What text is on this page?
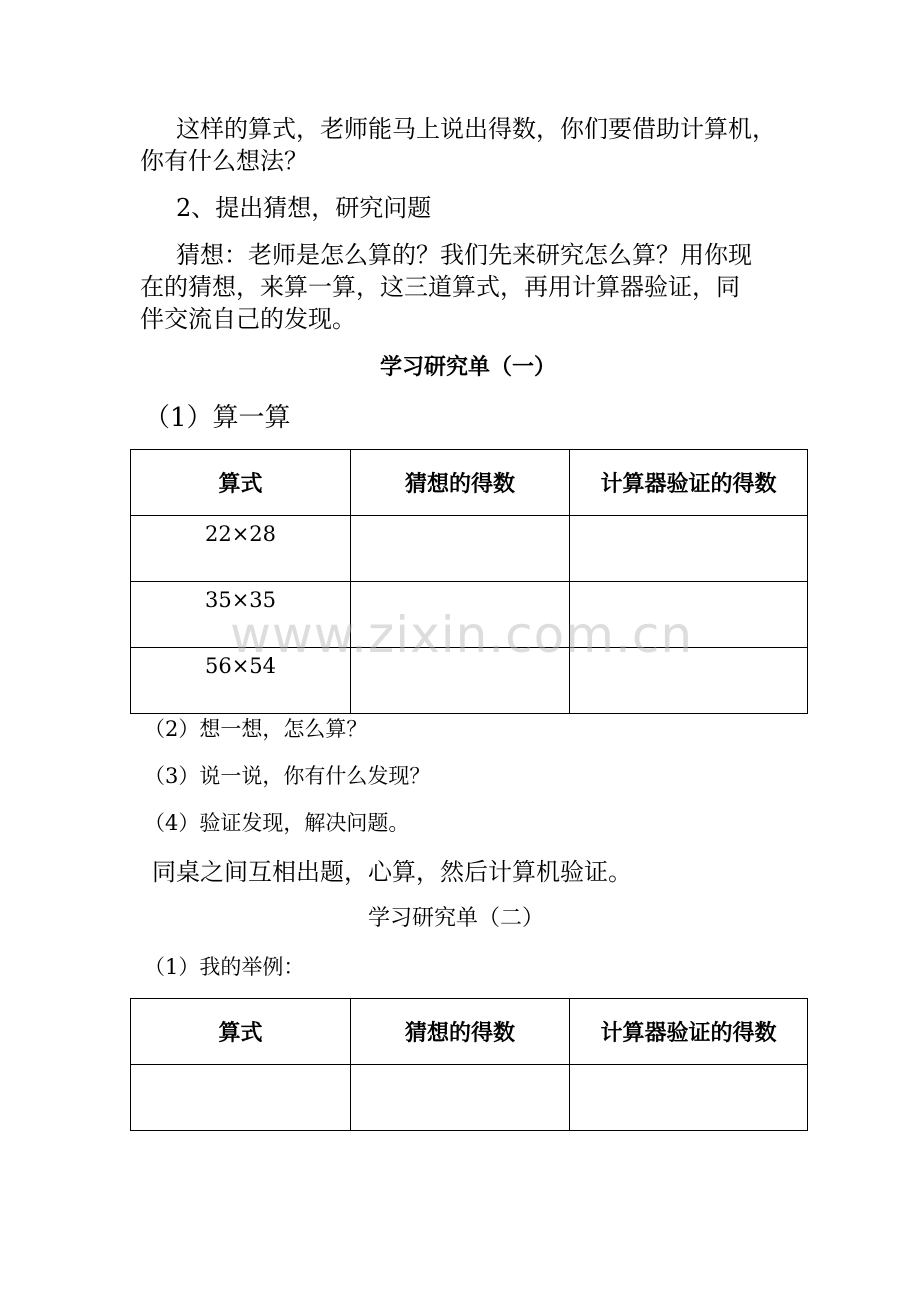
这样的算式，老师能马上说出得数，你们要借助计算机，
你有什么想法？
2、提出猜想，研究问题
猜想：老师是怎么算的？我们先来研究怎么算？用你现
在的猜想，来算一算，这三道算式，再用计算器验证，同
伴交流自己的发现。
学习研究单（一）
（1）算一算
算式	猜想的得数	计算器验证的得数
22×28		
35×35		
56×54		
（2）想一想，怎么算？
（3）说一说，你有什么发现？
（4）验证发现，解决问题。
同桌之间互相出题，心算，然后计算机验证。
学习研究单（二）
（1）我的举例：
算式	猜想的得数	计算器验证的得数

www.zixin.com.cn
